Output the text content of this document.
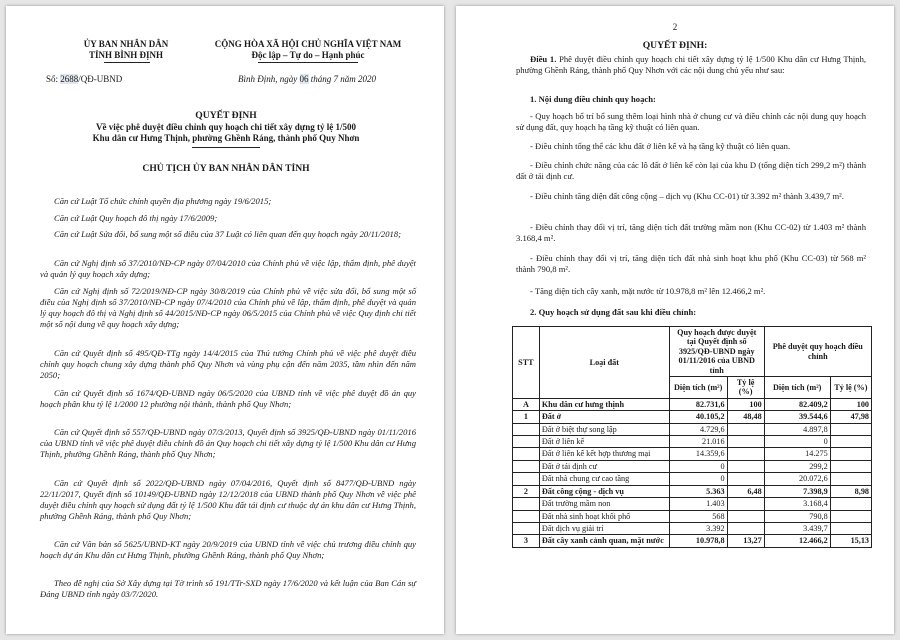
ỦY BAN NHÂN DÂN
TỈNH BÌNH ĐỊNH
CỘNG HÒA XÃ HỘI CHỦ NGHĨA VIỆT NAM
Độc lập – Tự do – Hạnh phúc
Số: 2688/QĐ-UBND	Bình Định, ngày 06 tháng 7 năm 2020
QUYẾT ĐỊNH
Về việc phê duyệt điều chỉnh quy hoạch chi tiết xây dựng tỷ lệ 1/500
Khu dân cư Hưng Thịnh, phường Ghềnh Ráng, thành phố Quy Nhơn
CHỦ TỊCH ỦY BAN NHÂN DÂN TỈNH
Căn cứ Luật Tổ chức chính quyền địa phương ngày 19/6/2015;
Căn cứ Luật Quy hoạch đô thị ngày 17/6/2009;
Căn cứ Luật Sửa đổi, bổ sung một số điều của 37 Luật có liên quan đến quy hoạch ngày 20/11/2018;
Căn cứ Nghị định số 37/2010/NĐ-CP ngày 07/04/2010 của Chính phủ về việc lập, thẩm định, phê duyệt và quản lý quy hoạch xây dựng;
Căn cứ Nghị định số 72/2019/NĐ-CP ngày 30/8/2019 của Chính phủ về việc sửa đổi, bổ sung một số điều của Nghị định số 37/2010/NĐ-CP ngày 07/4/2010 của Chính phủ về lập, thẩm định, phê duyệt và quản lý quy hoạch đô thị và Nghị định số 44/2015/NĐ-CP ngày 06/5/2015 của Chính phủ về việc Quy định chi tiết một số nội dung về quy hoạch xây dựng;
Căn cứ Quyết định số 495/QĐ-TTg ngày 14/4/2015 của Thủ tướng Chính phủ về việc phê duyệt điều chỉnh quy hoạch chung xây dựng thành phố Quy Nhơn và vùng phụ cận đến năm 2035, tầm nhìn đến năm 2050;
Căn cứ Quyết định số 1674/QĐ-UBND ngày 06/5/2020 của UBND tỉnh về việc phê duyệt đồ án quy hoạch phân khu tỷ lệ 1/2000 12 phường nội thành, thành phố Quy Nhơn;
Căn cứ Quyết định số 557/QĐ-UBND ngày 07/3/2013, Quyết định số 3925/QĐ-UBND ngày 01/11/2016 của UBND tỉnh về việc phê duyệt điều chỉnh đồ án Quy hoạch chi tiết xây dựng tỷ lệ 1/500 Khu dân cư Hưng Thịnh, phường Ghềnh Ráng, thành phố Quy Nhơn;
Căn cứ Quyết định số 2022/QĐ-UBND ngày 07/04/2016, Quyết định số 8477/QĐ-UBND ngày 22/11/2017, Quyết định số 10149/QĐ-UBND ngày 12/12/2018 của UBND thành phố Quy Nhơn về việc phê duyệt điều chỉnh quy hoạch sử dụng đất tỷ lệ 1/500 Khu đất tái định cư thuộc dự án khu dân cư Hưng Thịnh, phường Ghềnh Ráng, thành phố Quy Nhơn;
Căn cứ Văn bản số 5625/UBND-KT ngày 20/9/2019 của UBND tỉnh về việc chủ trương điều chỉnh quy hoạch dự án Khu dân cư Hưng Thịnh, phường Ghềnh Ráng, thành phố Quy Nhơn;
Theo đề nghị của Sở Xây dựng tại Tờ trình số 191/TTr-SXD ngày 17/6/2020 và kết luận của Ban Cán sự Đảng UBND tỉnh ngày 03/7/2020.
2
QUYẾT ĐỊNH:
Điều 1. Phê duyệt điều chỉnh quy hoạch chi tiết xây dựng tỷ lệ 1/500 Khu dân cư Hưng Thịnh, phường Ghềnh Ráng, thành phố Quy Nhơn với các nội dung chủ yếu như sau:
1. Nội dung điều chỉnh quy hoạch:
- Quy hoạch bổ trí bổ sung thêm loại hình nhà ở chung cư và điều chỉnh các nội dung quy hoạch sử dụng đất, quy hoạch hạ tầng kỹ thuật có liên quan.
- Điều chỉnh tổng thể các khu đất ở liên kế và hạ tầng kỹ thuật có liên quan.
- Điều chỉnh chức năng của các lô đất ở liên kế còn lại của khu D (tổng diện tích 299,2 m²) thành đất ở tái định cư.
- Điều chỉnh tăng diện đất công cộng – dịch vụ (Khu CC-01) từ 3.392 m² thành 3.439,7 m².
- Điều chỉnh thay đổi vị trí, tăng diện tích đất trường mầm non (Khu CC-02) từ 1.403 m² thành 3.168,4 m².
- Điều chỉnh thay đổi vị trí, tăng diện tích đất nhà sinh hoạt khu phố (Khu CC-03) từ 568 m² thành 790,8 m².
- Tăng diện tích cây xanh, mặt nước từ 10.978,8 m² lên 12.466,2 m².
2. Quy hoạch sử dụng đất sau khi điều chỉnh:
STT	Loại đất	Quy hoạch được duyệt tại Quyết định số 3925/QĐ-UBND ngày 01/11/2016 của UBND tỉnh		Phê duyệt quy hoạch điều chỉnh	
		Diện tích (m²)	Tỷ lệ (%)	Diện tích (m²)	Tỷ lệ (%)
A	Khu dân cư hưng thịnh	82.731,6	100	82.409,2	100
1	Đất ở	40.105,2	48,48	39.544,6	47,98
	Đất ở biệt thự song lập	4.729,6		4.897,8	
	Đất ở liên kế	21.016		0	
	Đất ở liên kế kết hợp thương mại	14.359,6		14.275	
	Đất ở tái định cư	0		299,2	
	Đất nhà chung cư cao tầng	0		20.072,6	
2	Đất công cộng - dịch vụ	5.363	6,48	7.398,9	8,98
	Đất trường mầm non	1.403		3.168,4	
	Đất nhà sinh hoạt khối phố	568		790,8	
	Đất dịch vụ giải trí	3.392		3.439,7	
3	Đất cây xanh cảnh quan, mặt nước	10.978,8	13,27	12.466,2	15,13
